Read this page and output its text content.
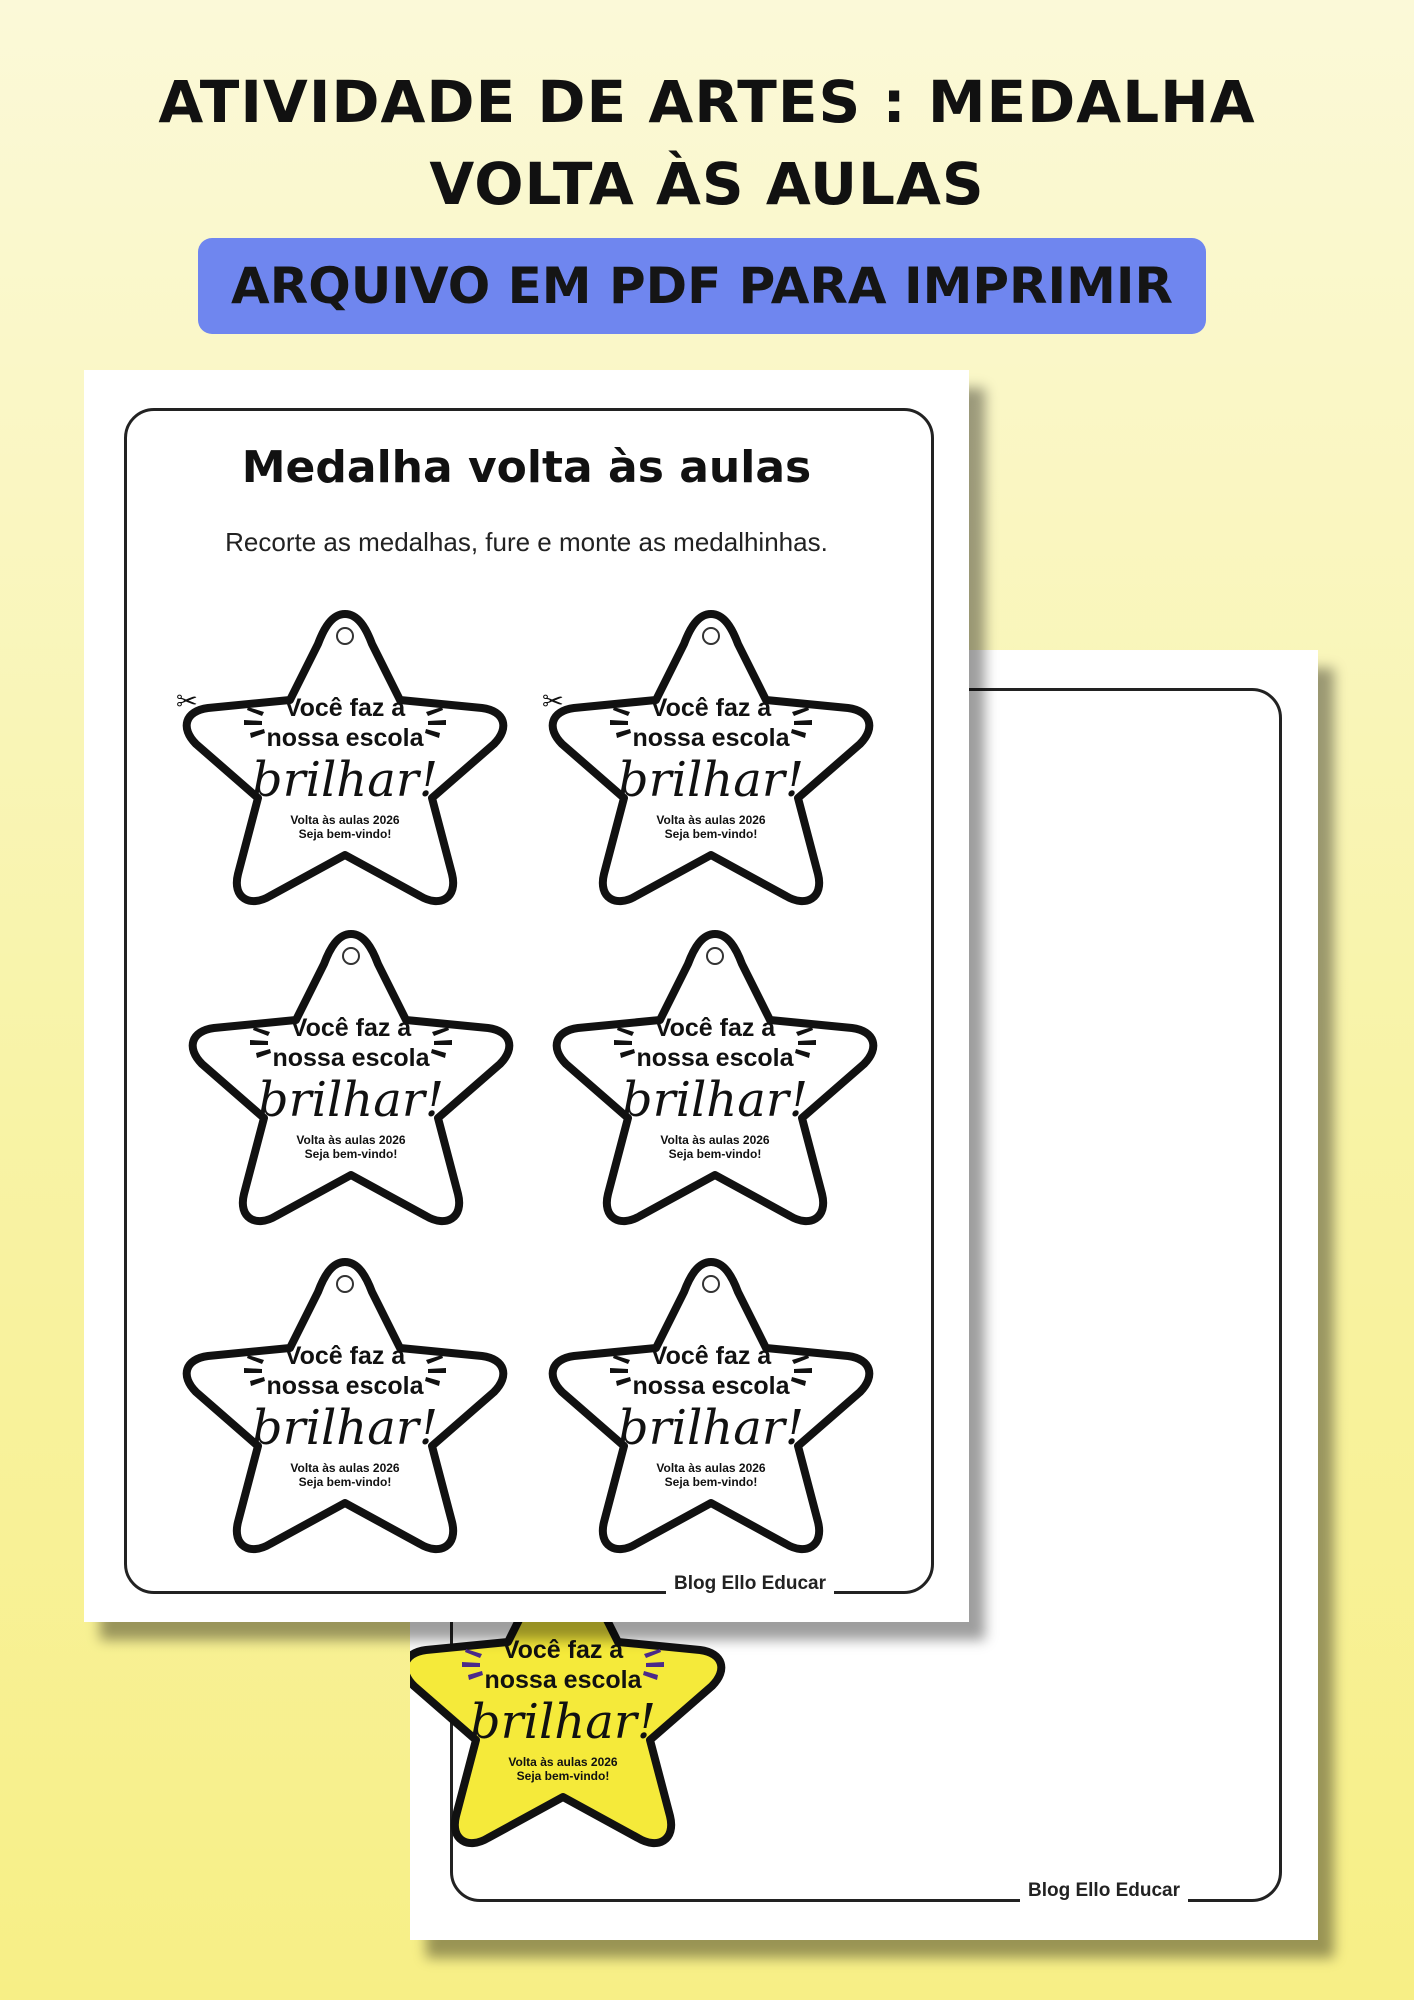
ATIVIDADE DE ARTES : MEDALHA
VOLTA ÀS AULAS
ARQUIVO EM PDF PARA IMPRIMIR
Você faz a
nossa escola
brilhar!
Volta às aulas 2026
Seja bem-vindo!
Blog Ello Educar
Medalha volta às aulas
Recorte as medalhas, fure e monte as medalhinhas.
✂	✂
Você faz a
nossa escola
brilhar!
Volta às aulas 2026
Seja bem-vindo!
Você faz a
nossa escola
brilhar!
Volta às aulas 2026
Seja bem-vindo!
Você faz a
nossa escola
brilhar!
Volta às aulas 2026
Seja bem-vindo!
Você faz a
nossa escola
brilhar!
Volta às aulas 2026
Seja bem-vindo!
Você faz a
nossa escola
brilhar!
Volta às aulas 2026
Seja bem-vindo!
Você faz a
nossa escola
brilhar!
Volta às aulas 2026
Seja bem-vindo!
Blog Ello Educar
